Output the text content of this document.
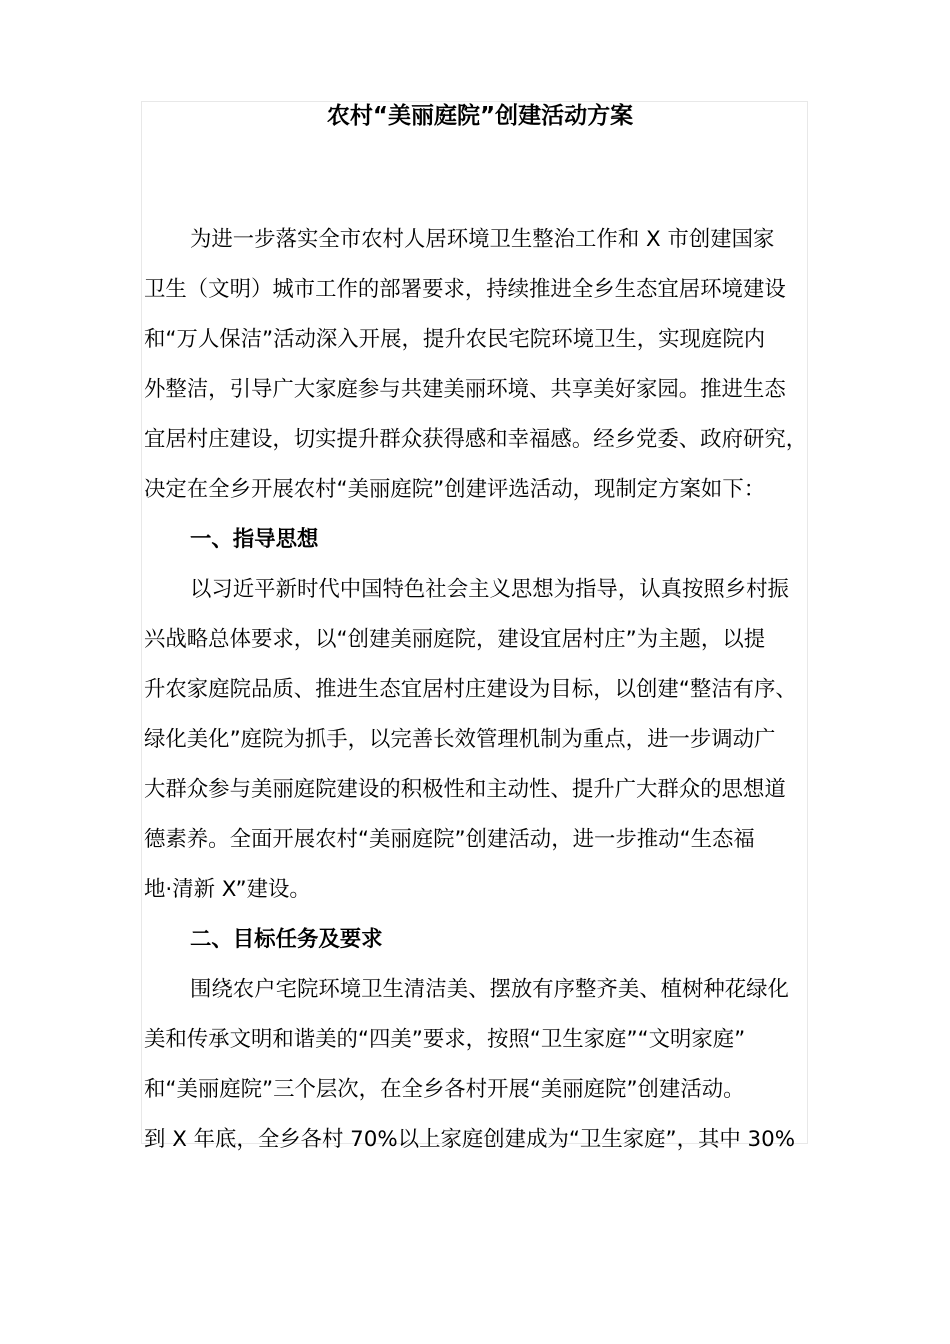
农村“美丽庭院”创建活动方案
为进一步落实全市农村人居环境卫生整治工作和 X 市创建国家
卫生（文明）城市工作的部署要求，持续推进全乡生态宜居环境建设
和“万人保洁”活动深入开展，提升农民宅院环境卫生，实现庭院内
外整洁，引导广大家庭参与共建美丽环境、共享美好家园。推进生态
宜居村庄建设，切实提升群众获得感和幸福感。经乡党委、政府研究，
决定在全乡开展农村“美丽庭院”创建评选活动，现制定方案如下：
一、指导思想
以习近平新时代中国特色社会主义思想为指导，认真按照乡村振
兴战略总体要求，以“创建美丽庭院，建设宜居村庄”为主题，以提
升农家庭院品质、推进生态宜居村庄建设为目标，以创建“整洁有序、
绿化美化”庭院为抓手，以完善长效管理机制为重点，进一步调动广
大群众参与美丽庭院建设的积极性和主动性、提升广大群众的思想道
德素养。全面开展农村“美丽庭院”创建活动，进一步推动“生态福
地·清新 X”建设。
二、目标任务及要求
围绕农户宅院环境卫生清洁美、摆放有序整齐美、植树种花绿化
美和传承文明和谐美的“四美”要求，按照“卫生家庭”“文明家庭”
和“美丽庭院”三个层次，在全乡各村开展“美丽庭院”创建活动。
到 X 年底，全乡各村 70%以上家庭创建成为“卫生家庭”，其中 30%
